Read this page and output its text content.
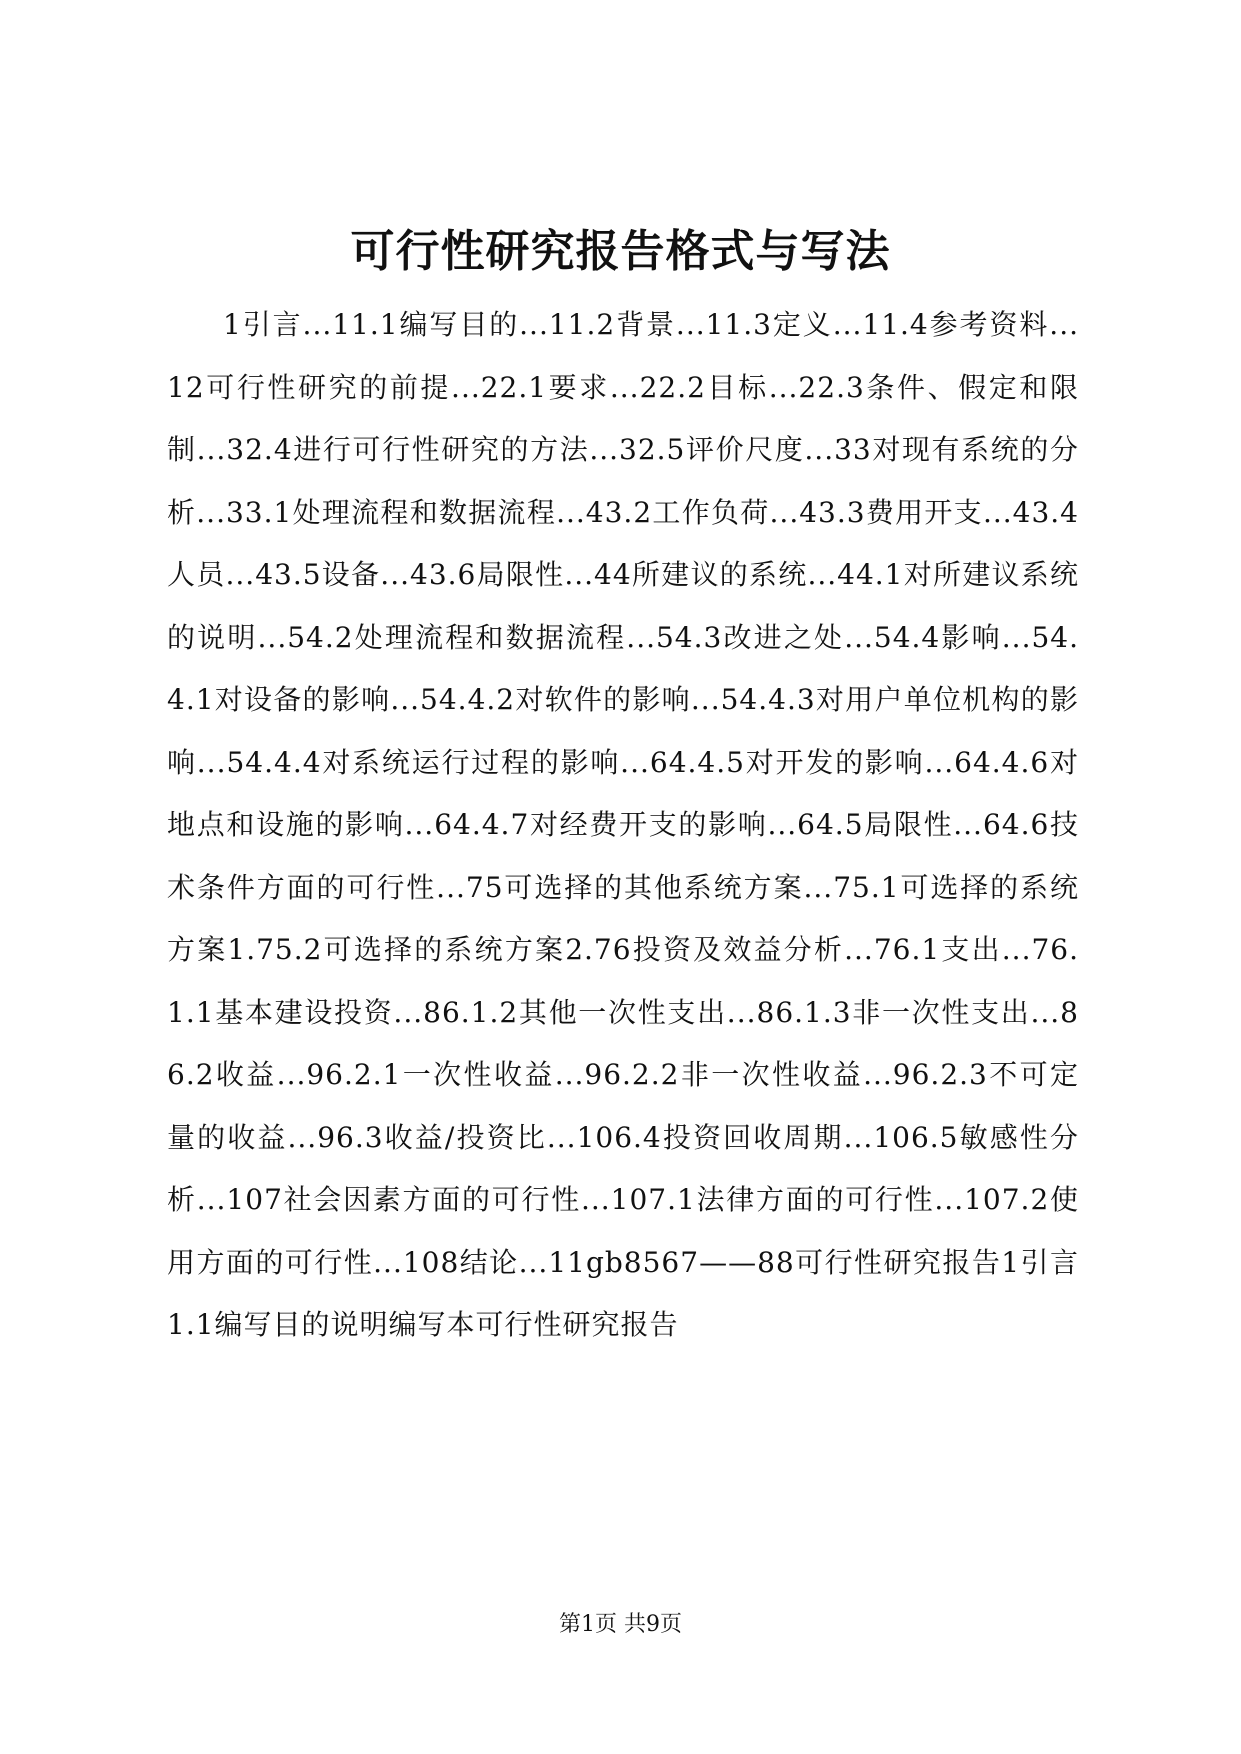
可行性研究报告格式与写法
1引言...11.1编写目的...11.2背景...11.3定义...11.4参考资料...12可行性研究的前提...22.1要求...22.2目标...22.3条件、假定和限制...32.4进行可行性研究的方法...32.5评价尺度...33对现有系统的分析...33.1处理流程和数据流程...43.2工作负荷...43.3费用开支...43.4人员...43.5设备...43.6局限性...44所建议的系统...44.1对所建议系统的说明...54.2处理流程和数据流程...54.3改进之处...54.4影响...54.4.1对设备的影响...54.4.2对软件的影响...54.4.3对用户单位机构的影响...54.4.4对系统运行过程的影响...64.4.5对开发的影响...64.4.6对地点和设施的影响...64.4.7对经费开支的影响...64.5局限性...64.6技术条件方面的可行性...75可选择的其他系统方案...75.1可选择的系统方案1.75.2可选择的系统方案2.76投资及效益分析...76.1支出...76.1.1基本建设投资...86.1.2其他一次性支出...86.1.3非一次性支出...86.2收益...96.2.1一次性收益...96.2.2非一次性收益...96.2.3不可定量的收益...96.3收益/投资比...106.4投资回收周期...106.5敏感性分析...107社会因素方面的可行性...107.1法律方面的可行性...107.2使用方面的可行性...108结论...11gb8567——88可行性研究报告1引言1.1编写目的说明编写本可行性研究报告
第1页 共9页
